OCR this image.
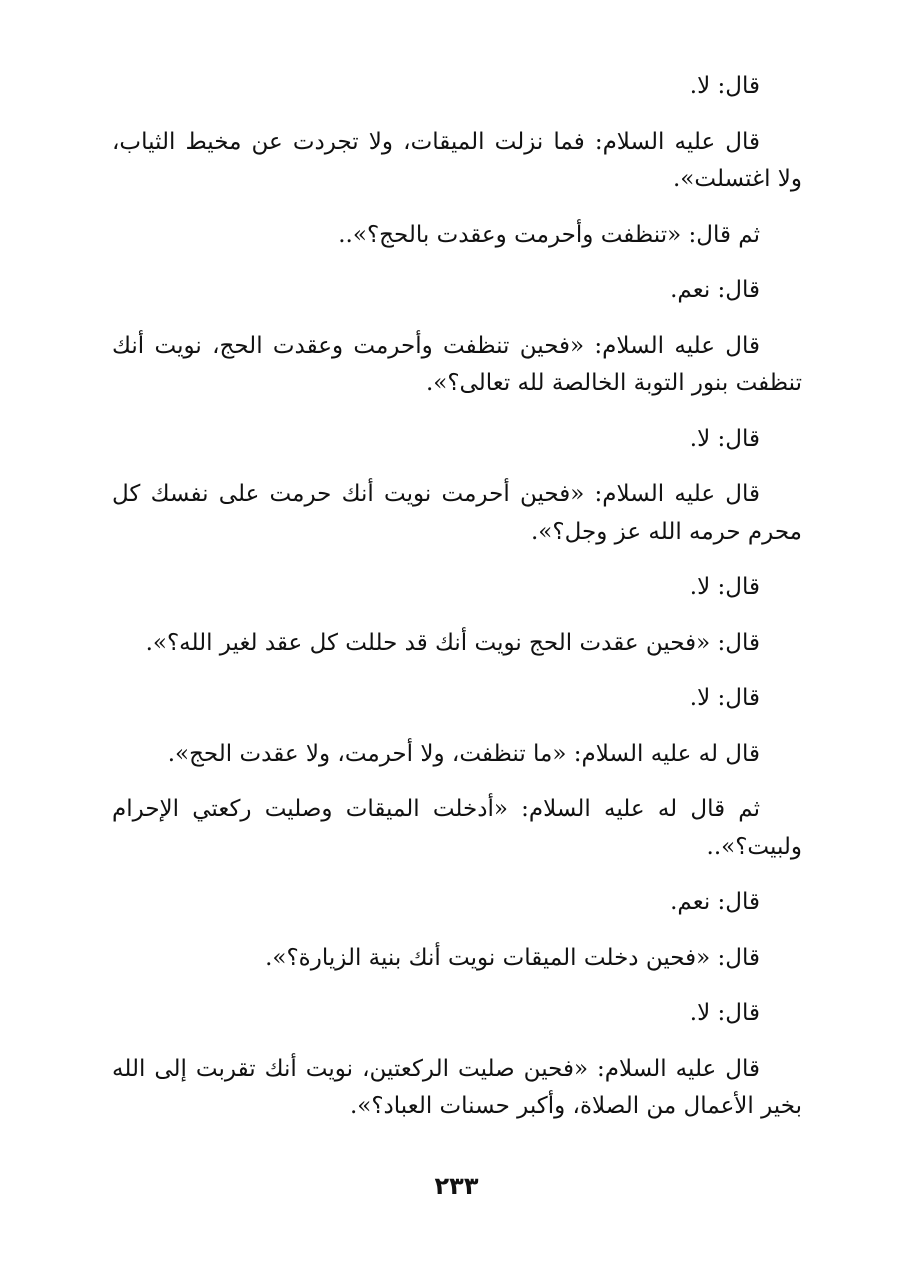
قال: لا.

قال عليه السلام: فما نزلت الميقات، ولا تجردت عن مخيط الثياب، ولا اغتسلت».

ثم قال: «تنظفت وأحرمت وعقدت بالحج؟»..

قال: نعم.

قال عليه السلام: «فحين تنظفت وأحرمت وعقدت الحج، نويت أنك تنظفت بنور التوبة الخالصة لله تعالى؟».

قال: لا.

قال عليه السلام: «فحين أحرمت نويت أنك حرمت على نفسك كل محرم حرمه الله عز وجل؟».

قال: لا.

قال: «فحين عقدت الحج نويت أنك قد حللت كل عقد لغير الله؟».

قال: لا.

قال له عليه السلام: «ما تنظفت، ولا أحرمت، ولا عقدت الحج».

ثم قال له عليه السلام: «أدخلت الميقات وصليت ركعتي الإحرام ولبيت؟»..

قال: نعم.

قال: «فحين دخلت الميقات نويت أنك بنية الزيارة؟».

قال: لا.

قال عليه السلام: «فحين صليت الركعتين، نويت أنك تقربت إلى الله بخير الأعمال من الصلاة، وأكبر حسنات العباد؟».

٢٣٣
